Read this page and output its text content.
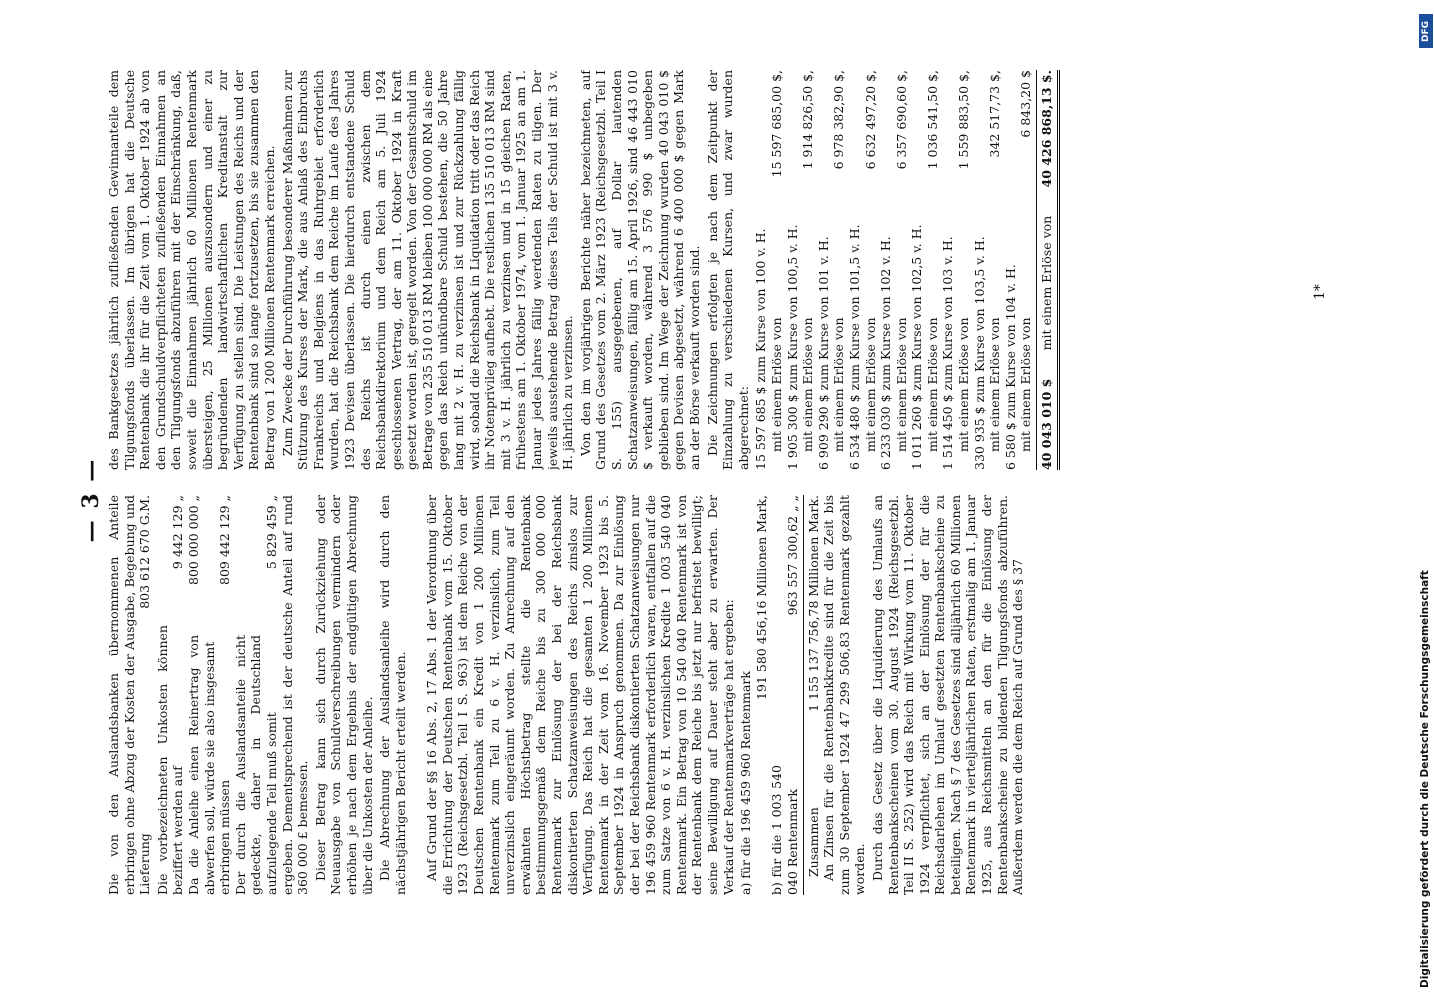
— 3 — Die von den Auslandsbanken übernommenen Anteile erbringen ohne Abzug der Kosten der Ausgabe, Begebung und Lieferung
803 612 670 G.M.

Die vorbezeichneten Unkosten können beziffert werden auf
9 442 129 „
Da die Anleihe einen Reinertrag von abwerfen soll, würde sie also insgesamt
800 000 000 „
erbringen müssen
809 442 129 „
Der durch die Auslandsanteile nicht gedeckte, daher in Deutschland aufzulegende Teil muß somit
5 829 459 „ ergeben. Dementsprechend ist der deutsche Anteil auf rund 360 000 £ bemessen. Dieser Betrag kann sich durch Zurückziehung oder Neuausgabe von Schuldverschreibungen vermindern oder erhöhen je nach dem Ergebnis der endgültigen Abrechnung über die Unkosten der Anleihe. Die Abrechnung der Auslandsanleihe wird durch den nächstjährigen Bericht erteilt werden. Auf Grund der §§ 16 Abs. 2, 17 Abs. 1 der Verordnung über die Errichtung der Deutschen Rentenbank vom 15. Oktober 1923 (Reichsgesetzbl. Teil I S. 963) ist dem Reiche von der Deutschen Rentenbank ein Kredit von 1 200 Millionen Rentenmark zum Teil zu 6 v. H. verzinslich, zum Teil unverzinslich eingeräumt worden. Zu Anrechnung auf den erwähnten Höchstbetrag stellte die Rentenbank bestimmungsgemäß dem Reiche bis zu 300 000 000 Rentenmark zur Einlösung der bei der Reichsbank diskontierten Schatzanweisungen des Reichs zinslos zur Verfügung. Das Reich hat die gesamten 1 200 Millionen Rentenmark in der Zeit vom 16. November 1923 bis 5. September 1924 in Anspruch genommen. Da zur Einlösung der bei der Reichsbank diskontierten Schatzanweisungen nur 196 459 960 Rentenmark erforderlich waren, entfallen auf die zum Satze von 6 v. H. verzinslichen Kredite 1 003 540 040 Rentenmark. Ein Betrag von 10 540 040 Rentenmark ist von der Rentenbank dem Reiche bis jetzt nur befristet bewilligt; seine Bewilligung auf Dauer steht aber zu erwarten. Der Verkauf der Rentenmarkverträge hat ergeben: a) für die 196 459 960 Rentenmark
191 580 456,16 Millionen Mark,
b) für die 1 003 540 040 Rentenmark
963 557 300,62 „ „
Zusammen
1 155 137 756,78 Millionen Mark. An Zinsen für die Rentenbankkredite sind für die Zeit bis zum 30 September 1924 47 299 506,83 Rentenmark gezahlt worden. Durch das Gesetz über die Liquidierung des Umlaufs an Rentenbankscheinen vom 30. August 1924 (Reichsgesetzbl. Teil II S. 252) wird das Reich mit Wirkung vom 11. Oktober 1924 verpflichtet, sich an der Einlösung der für die Reichsdarlehen im Umlauf gesetzten Rentenbankscheine zu beteiligen. Nach § 7 des Gesetzes sind alljährlich 60 Millionen Rentenmark in vierteljährlichen Raten, erstmalig am 1. Januar 1925, aus Reichsmitteln an den für die Einlösung der Rentenbankscheine zu bildenden Tilgungsfonds abzuführen. Außerdem werden die dem Reich auf Grund des § 37

des Bankgesetzes jährlich zufließenden Gewinnanteile dem Tilgungsfonds überlassen. Im übrigen hat die Deutsche Rentenbank die ihr für die Zeit vom 1. Oktober 1924 ab von den Grundschuldverpflichteten zufließenden Einnahmen an den Tilgungsfonds abzuführen mit der Einschränkung, daß, soweit die Einnahmen jährlich 60 Millionen Rentenmark übersteigen, 25 Millionen auszusondern und einer zu begründenden landwirtschaftlichen Kreditanstalt zur Verfügung zu stellen sind. Die Leistungen des Reichs und der Rentenbank sind so lange fortzusetzen, bis sie zusammen den Betrag von 1 200 Millionen Rentenmark erreichen. Zum Zwecke der Durchführung besonderer Maßnahmen zur Stützung des Kurses der Mark, die aus Anlaß des Einbruchs Frankreichs und Belgiens in das Ruhrgebiet erforderlich wurden, hat die Reichsbank dem Reiche im Laufe des Jahres 1923 Devisen überlassen. Die hierdurch entstandene Schuld des Reichs ist durch einen zwischen dem Reichsbankdirektorium und dem Reich am 5. Juli 1924 geschlossenen Vertrag, der am 11. Oktober 1924 in Kraft gesetzt worden ist, geregelt worden. Von der Gesamtschuld im Betrage von 235 510 013 RM bleiben 100 000 000 RM als eine gegen das Reich unkündbare Schuld bestehen, die 50 Jahre lang mit 2 v. H. zu verzinsen ist und zur Rückzahlung fällig wird, sobald die Reichsbank in Liquidation tritt oder das Reich ihr Notenprivileg aufhebt. Die restlichen 135 510 013 RM sind mit 3 v. H. jährlich zu verzinsen und in 15 gleichen Raten, frühestens am 1. Oktober 1974, vom 1. Januar 1925 an am 1. Januar jedes Jahres fällig werdenden Raten zu tilgen. Der jeweils ausstehende Betrag dieses Teils der Schuld ist mit 3 v. H. jährlich zu verzinsen. Von den im vorjährigen Berichte näher bezeichneten, auf Grund des Gesetzes vom 2. März 1923 (Reichsgesetzbl. Teil I S. 155) ausgegebenen, auf Dollar lautenden Schatzanweisungen, fällig am 15. April 1926, sind 46 443 010 $ verkauft worden, während 3 576 990 $ unbegeben geblieben sind. Im Wege der Zeichnung wurden 40 043 010 $ gegen Devisen abgesetzt, während 6 400 000 $ gegen Mark an der Börse verkauft worden sind. Die Zeichnungen erfolgten je nach dem Zeitpunkt der Einzahlung zu verschiedenen Kursen, und zwar wurden abgerechnet: 15 597 685 $ zum Kurse von 100 v. H. mit einem Erlöse von
15 597 685,00 $,
1 905 300 $ zum Kurse von 100,5 v. H. mit einem Erlöse von
1 914 826,50 $,
6 909 290 $ zum Kurse von 101 v. H. mit einem Erlöse von
6 978 382,90 $,
6 534 480 $ zum Kurse von 101,5 v. H. mit einem Erlöse von
6 632 497,20 $,
6 233 030 $ zum Kurse von 102 v. H. mit einem Erlöse von
6 357 690,60 $,
1 011 260 $ zum Kurse von 102,5 v. H. mit einem Erlöse von
1 036 541,50 $,
1 514 450 $ zum Kurse von 103 v. H. mit einem Erlöse von
1 559 883,50 $,
330 935 $ zum Kurse von 103,5 v. H. mit einem Erlöse von
342 517,73 $,
6 580 $ zum Kurse von 104 v. H. mit einem Erlöse von
6 843,20 $
40 043 010 $
mit einem Erlöse von
40 426 868,13 $.
1*
DFG
Digitalisierung gefördert durch die Deutsche Forschungsgemeinschaft
